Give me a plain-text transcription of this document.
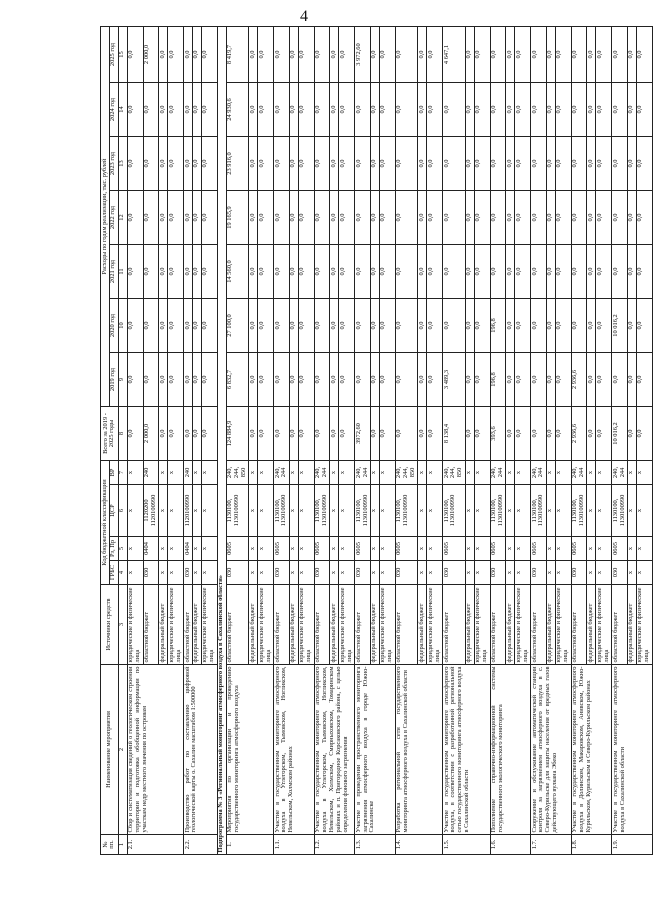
4
№ пп.	Наименование мероприятия	Источники средств	Код бюджетной классификации				Всего за 2019 - 2025 годы	Расходы по годам реализации, тыс. рублей						
			ГРБС	Рз, Пр	ЦСР	ВР		2019 год	2020 год	2021 год	2022 год	2023 год	2024 год	2025 год
1	2	3	4	5	6	7	8	9	10	11	12	13	14	15
2.1.	Сбор и систематизация сведений о геологическом строении территории и подготовка обобщенной информации по участкам недр местного значения по островам	юридические и физические лица	x	x	x	x	0,0	0,0	0,0	0,0	0,0	0,0	0,0	0,0
		областной бюджет	030	0404	1120200 1120100990	240	2 000,0	0,0	0,0	0,0	0,0	0,0	0,0	2 000,0
		федеральный бюджет	x	x	x	x	0,0	0,0	0,0	0,0	0,0	0,0	0,0	0,0
		юридические и физические лица	x	x	x	x	0,0	0,0	0,0	0,0	0,0	0,0	0,0	0,0
2.2.	Производство работ по составлению цифровой геологической карты о. Сахалин масштабом 1:500000	областной бюджет	030	0404	1120100990	240	0,0	0,0	0,0	0,0	0,0	0,0	0,0	0,0
		федеральный бюджет	x	x	x	x	0,0	0,0	0,0	0,0	0,0	0,0	0,0	0,0
		юридические и физические лица	x	x	x	x	0,0	0,0	0,0	0,0	0,0	0,0	0,0	0,0
Подпрограмма № 3 «Региональный мониторинг атмосферного воздуха в Сахалинской области»														
1.	Мероприятия по организации и проведению государственного мониторинга атмосферного воздуха	областной бюджет	030	0605	1130100, 1130100990	240, 244, 850	124 884,9	6 832,7	27 100,0	14 560,0	19 165,9	23 916,0	24 930,6	8 419,7
		федеральный бюджет	x	x	x	x	0,0	0,0	0,0	0,0	0,0	0,0	0,0	0,0
		юридические и физические лица	x	x	x	x	0,0	0,0	0,0	0,0	0,0	0,0	0,0	0,0
1.1.	Участие в государственном мониторинге атмосферного воздуха в Углегорском, Тымовском, Ногликском, Невельском, Холмском районах	областной бюджет	030	0605	1130100, 1130100990	240, 244	0,0	0,0	0,0	0,0	0,0	0,0	0,0	0,0
		федеральный бюджет	x	x	x	x	0,0	0,0	0,0	0,0	0,0	0,0	0,0	0,0
		юридические и физические лица	x	x	x	x	0,0	0,0	0,0	0,0	0,0	0,0	0,0	0,0
1.2.	Участие в государственном мониторинге атмосферного воздуха в Углегорском, Тымовском, Ногликском, Невельском, Холмском, Смирныховском, Томаринском районах и п. Пригородное Корсаковского района, с целью определения фонового загрязнения	областной бюджет	030	0605	1130100, 1130100990	240, 244	0,0	0,0	0,0	0,0	0,0	0,0	0,0	0,0
		федеральный бюджет	x	x	x	x	0,0	0,0	0,0	0,0	0,0	0,0	0,0	0,0
		юридические и физические лица	x	x	x	x	0,0	0,0	0,0	0,0	0,0	0,0	0,0	0,0
1.3.	Участие в проведении пространственного мониторинга загрязнения атмосферного воздуха в городе Южно-Сахалинске	областной бюджет	030	0605	1130100, 1130100990	240, 244	3972,60	0,0	0,0	0,0	0,0	0,0	0,0	3 972,60
		федеральный бюджет	x	x	x	x	0,0	0,0	0,0	0,0	0,0	0,0	0,0	0,0
		юридические и физические лица	x	x	x	x	0,0	0,0	0,0	0,0	0,0	0,0	0,0	0,0
1.4.	Разработка региональной сети государственного мониторинга атмосферного воздуха в Сахалинской области	областной бюджет	030	0605	1130100, 1130100990	240, 244, 850	0,0	0,0	0,0	0,0	0,0	0,0	0,0	0,0
		федеральный бюджет	x	x	x	x	0,0	0,0	0,0	0,0	0,0	0,0	0,0	0,0
		юридические и физические лица	x	x	x	x	0,0	0,0	0,0	0,0	0,0	0,0	0,0	0,0
1.5.	Участие в государственном мониторинге атмосферного воздуха, в соответствии с разработанной региональной сетью государственного мониторинга атмосферного воздуха в Сахалинской области	областной бюджет	030	0605	1130100, 1130100990	240, 244, 850	8 138,4	3 489,3	0,0	0,0	0,0	0,0	0,0	4 647,1
		федеральный бюджет	x	x	x	x	0,0	0,0	0,0	0,0	0,0	0,0	0,0	0,0
		юридические и физические лица	x	x	x	x	0,0	0,0	0,0	0,0	0,0	0,0	0,0	0,0
1.6.	Пополнение справочно-информационной системы государственного экологического мониторинга	областной бюджет	030	0605	1130100, 1130100990	240, 244	393,6	196,8	196,8	0,0	0,0	0,0	0,0	0,0
		федеральный бюджет	x	x	x	x	0,0	0,0	0,0	0,0	0,0	0,0	0,0	0,0
		юридические и физические лица	x	x	x	x	0,0	0,0	0,0	0,0	0,0	0,0	0,0	0,0
1.7.	Сооружение и обслуживание автоматической станции контроля за загрязнением атмосферного воздуха в с. Северо-Курильске для защиты населения от вредных газов действующего вулкана Эбеко	областной бюджет	030	0605	1130100, 1130100990	240, 244	0,0	0,0	0,0	0,0	0,0	0,0	0,0	0,0
		федеральный бюджет	x	x	x	x	0,0	0,0	0,0	0,0	0,0	0,0	0,0	0,0
		юридические и физические лица	x	x	x	x	0,0	0,0	0,0	0,0	0,0	0,0	0,0	0,0
1.8.	Участие в государственном мониторинге атмосферного воздуха в Долинском, Макаровском, Анивском, Южно-Курильском, Курильском и Северо-Курильском районах	областной бюджет	030	0605	1130100, 1130100990	240, 244	2 936,6	2 936,6	0,0	0,0	0,0	0,0	0,0	0,0
		федеральный бюджет	x	x	x	x	0,0	0,0	0,0	0,0	0,0	0,0	0,0	0,0
		юридические и физические лица	x	x	x	x	0,0	0,0	0,0	0,0	0,0	0,0	0,0	0,0
1.9.	Участие в государственном мониторинге атмосферного воздуха в Сахалинской области	областной бюджет	030	0605	1130100, 1130100990	240, 244	10 016,2	0,0	10 016,2	0,0	0,0	0,0	0,0	0,0
		федеральный бюджет	x	x	x	x	0,0	0,0	0,0	0,0	0,0	0,0	0,0	0,0
		юридические и физические лица	x	x	x	x	0,0	0,0	0,0	0,0	0,0	0,0	0,0	0,0
